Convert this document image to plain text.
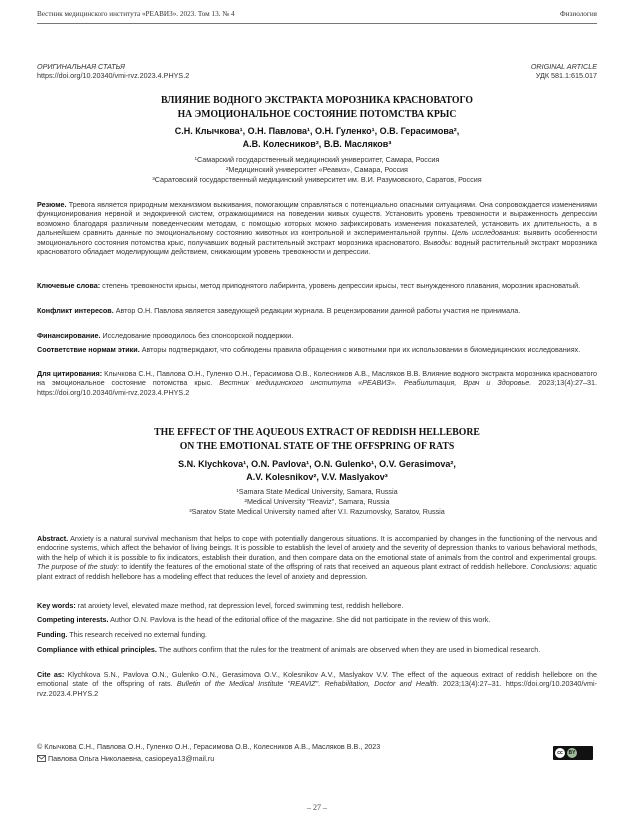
Вестник медицинского института «РЕАВИЗ». 2023. Том 13. № 4	Физиология
ОРИГИНАЛЬНАЯ СТАТЬЯ
https://doi.org/10.20340/vmi-rvz.2023.4.PHYS.2
ORIGINAL ARTICLE
УДК 581.1:615.017
ВЛИЯНИЕ ВОДНОГО ЭКСТРАКТА МОРОЗНИКА КРАСНОВАТОГО
НА ЭМОЦИОНАЛЬНОЕ СОСТОЯНИЕ ПОТОМСТВА КРЫС
С.Н. Клычкова¹, О.Н. Павлова¹, О.Н. Гуленко¹, О.В. Герасимова²,
А.В. Колесников², В.В. Масляков³
¹Самарский государственный медицинский университет, Самара, Россия
²Медицинский университет «Реавиз», Самара, Россия
³Саратовский государственный медицинский университет им. В.И. Разумовского, Саратов, Россия
Резюме. Тревога является природным механизмом выживания, помогающим справляться с потенциально опасными ситуациями. Она сопровождается изменениями функционирования нервной и эндокринной систем, отражающимися на поведении живых существ. Установить уровень тревожности и выраженность депрессии возможно благодаря различным поведенческим методам, с помощью которых можно зафиксировать изменения показателей, установить их длительность, а в дальнейшем сравнить данные по эмоциональному состоянию животных из контрольной и экспериментальной группы. Цель исследования: выявить особенности эмоционального состояния потомства крыс, получавших водный растительный экстракт морозника красноватого. Выводы: водный растительный экстракт морозника красноватого обладает моделирующим действием, снижающим уровень тревожности и депрессии.
Ключевые слова: степень тревожности крысы, метод приподнятого лабиринта, уровень депрессии крысы, тест вынужденного плавания, морозник красноватый.
Конфликт интересов. Автор О.Н. Павлова является заведующей редакции журнала. В рецензировании данной работы участия не принимала.
Финансирование. Исследование проводилось без спонсорской поддержки.
Соответствие нормам этики. Авторы подтверждают, что соблюдены правила обращения с животными при их использовании в биомедицинских исследованиях.
Для цитирования: Клычкова С.Н., Павлова О.Н., Гуленко О.Н., Герасимова О.В., Колесников А.В., Масляков В.В. Влияние водного экстракта морозника красноватого на эмоциональное состояние потомства крыс. Вестник медицинского института «РЕАВИЗ». Реабилитация, Врач и Здоровье. 2023;13(4):27–31. https://doi.org/10.20340/vmi-rvz.2023.4.PHYS.2
THE EFFECT OF THE AQUEOUS EXTRACT OF REDDISH HELLEBORE
ON THE EMOTIONAL STATE OF THE OFFSPRING OF RATS
S.N. Klychkova¹, O.N. Pavlova¹, O.N. Gulenko¹, O.V. Gerasimova²,
A.V. Kolesnikov², V.V. Maslyakov³
¹Samara State Medical University, Samara, Russia
²Medical University "Reaviz", Samara, Russia
³Saratov State Medical University named after V.I. Razumovsky, Saratov, Russia
Abstract. Anxiety is a natural survival mechanism that helps to cope with potentially dangerous situations. It is accompanied by changes in the functioning of the nervous and endocrine systems, which affect the behavior of living beings. It is possible to establish the level of anxiety and the severity of depression thanks to various behavioral methods, with the help of which it is possible to fix indicators, establish their duration, and then compare data on the emotional state of animals from the control and experimental groups. The purpose of the study: to identify the features of the emotional state of the offspring of rats that received an aqueous plant extract of reddish hellebore. Conclusions: aquatic plant extract of reddish hellebore has a modeling effect that reduces the level of anxiety and depression.
Key words: rat anxiety level, elevated maze method, rat depression level, forced swimming test, reddish hellebore.
Competing interests. Author O.N. Pavlova is the head of the editorial office of the magazine. She did not participate in the review of this work.
Funding. This research received no external funding.
Compliance with ethical principles. The authors confirm that the rules for the treatment of animals are observed when they are used in biomedical research.
Cite as: Klychkova S.N., Pavlova O.N., Gulenko O.N., Gerasimova O.V., Kolesnikov A.V., Maslyakov V.V. The effect of the aqueous extract of reddish hellebore on the emotional state of the offspring of rats. Bulletin of the Medical Institute "REAVIZ". Rehabilitation, Doctor and Health. 2023;13(4):27–31. https://doi.org/10.20340/vmi-rvz.2023.4.PHYS.2
© Клычкова С.Н., Павлова О.Н., Гуленко О.Н., Герасимова О.В., Колесников А.В., Масляков В.В., 2023
Павлова Ольга Николаевна, casiopeya13@mail.ru
cc	BY
– 27 –
